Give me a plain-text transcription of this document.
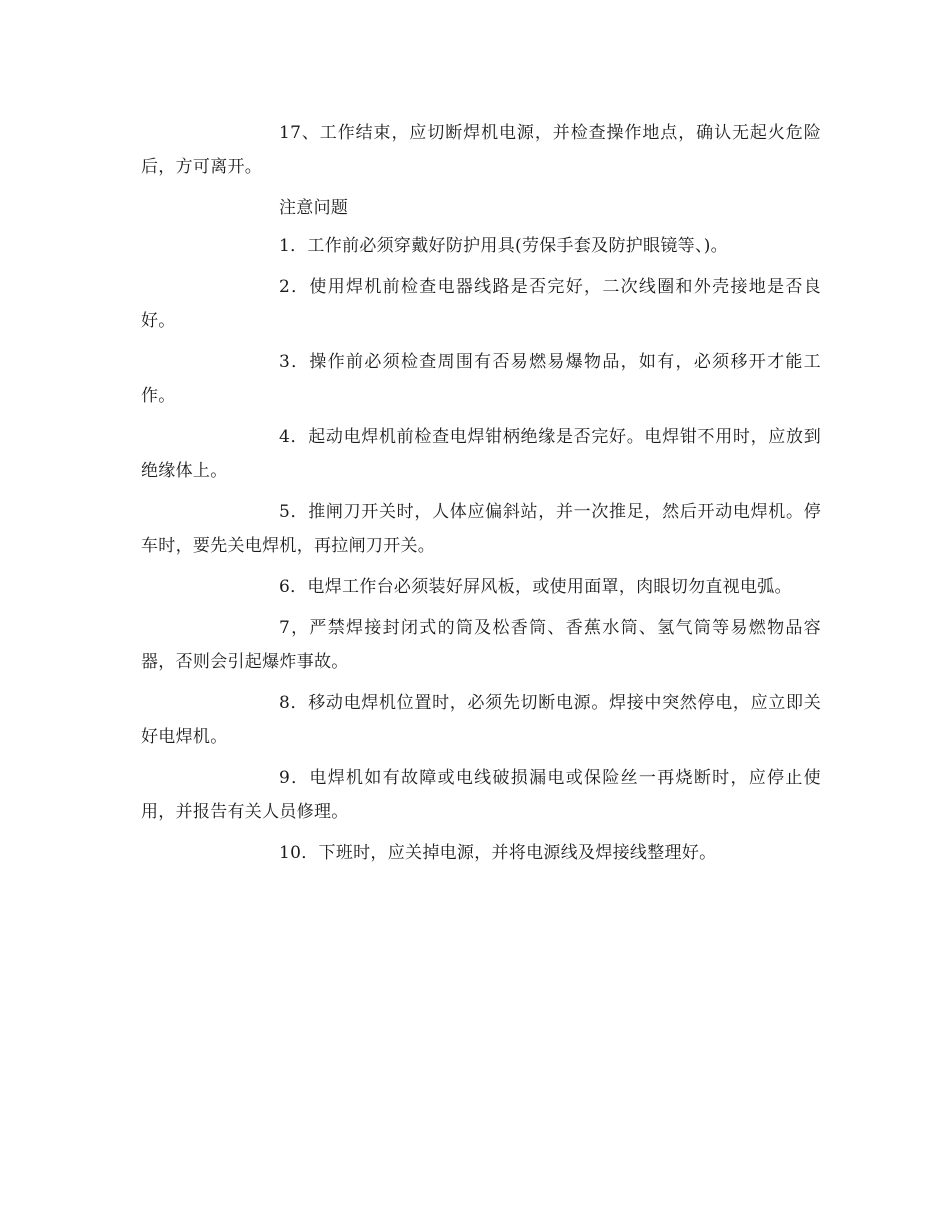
17、工作结束，应切断焊机电源，并检查操作地点，确认无起火危险后，方可离开。

注意问题

1．工作前必须穿戴好防护用具(劳保手套及防护眼镜等、)。

2．使用焊机前检查电器线路是否完好，二次线圈和外壳接地是否良好。

3．操作前必须检查周围有否易燃易爆物品，如有，必须移开才能工作。

4．起动电焊机前检查电焊钳柄绝缘是否完好。电焊钳不用时，应放到绝缘体上。

5．推闸刀开关时，人体应偏斜站，并一次推足，然后开动电焊机。停车时，要先关电焊机，再拉闸刀开关。

6．电焊工作台必须装好屏风板，或使用面罩，肉眼切勿直视电弧。

7，严禁焊接封闭式的筒及松香筒、香蕉水筒、氢气筒等易燃物品容器，否则会引起爆炸事故。

8．移动电焊机位置时，必须先切断电源。焊接中突然停电，应立即关好电焊机。

9．电焊机如有故障或电线破损漏电或保险丝一再烧断时，应停止使用，并报告有关人员修理。

10．下班时，应关掉电源，并将电源线及焊接线整理好。
